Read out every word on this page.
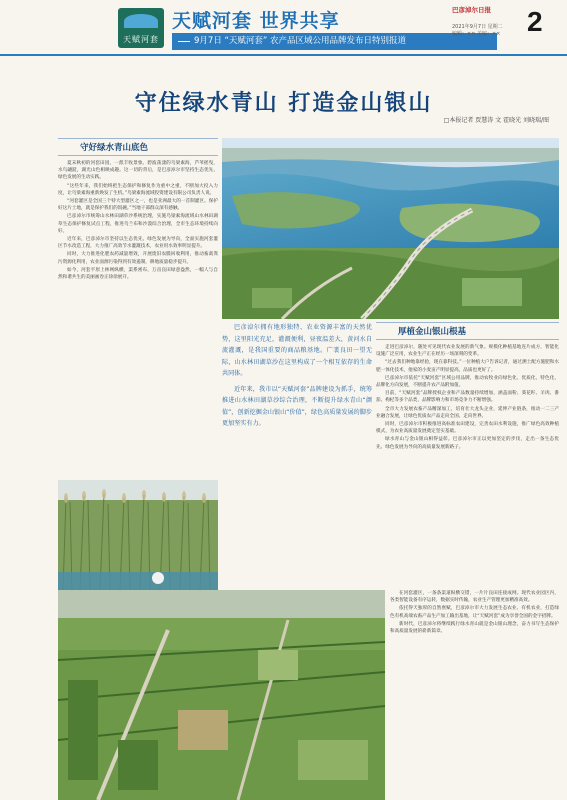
天赋河套
天赋河套 世界共享
9月7日 “天赋河套” 农产品区域公用品牌发布日特别报道
巴彦淖尔日报
2021年9月7日 星期二
编辑：×× 美编：×× 2
守住绿水青山 打造金山银山
□本报记者 贾慧涛 文 霍晓光 刘晓瑞/图
守好绿水青山底色

夏末秋初的河套田园，一派丰收景象。碧波荡漾的乌梁素海，芦苇摇曳，水鸟翩跹，湖光山色相映成趣。这一切的背后，是巴彦淖尔市坚持生态优先、绿色发展的生动实践。

“这些年来，我们始终把生态保护和修复作为重中之重，不断加大投入力度，让乌梁素海重新焕发了生机。”乌梁素海流域投资建设有限公司负责人说。

“河套灌区是全国三个特大型灌区之一，也是亚洲最大的一首制灌区。保护好这片土地，就是保护我们的饭碗。”当地干部群众深有感触。

巴彦淖尔市统筹山水林田湖草沙系统治理，实施乌梁素海流域山水林田湖草生态保护修复试点工程，推进乌兰布和沙漠综合治理，全市生态环境持续向好。

近年来，巴彦淖尔市坚持以生态优先、绿色发展为导向，全面实施河套灌区节水改造工程，大力推广高效节水灌溉技术，农业用水效率明显提升。

同时，大力推进化肥农药减量增效，开展废旧农膜回收利用，推动畜禽粪污资源化利用，农业面源污染得到有效遏制，耕地质量稳步提升。

如今，河套平原上林网纵横，渠系密布，万亩良田绿意盎然，一幅人与自然和谐共生的美丽画卷正徐徐展开。

巴彦淖尔拥有地形独特、农业资源丰富的天然优势，这里阳光充足，灌溉便利，昼夜温差大，黄河水自流灌溉，是我国重要的商品粮基地。广袤良田一望无际，山水林田湖草沙在这里构成了一个相互依存的生命共同体。

近年来，我市以“天赋河套”品牌建设为抓手，统筹推进山水林田湖草沙综合治理，不断提升绿水青山“颜值”，创新挖掘金山银山“价值”，绿色高质量发展的脚步更加坚实有力。

厚植金山银山根基

走进巴彦淖尔，随处可见现代农业发展的新气象。规模化种植基地连片成方，智能化设施广泛应用，农业生产正在经历一场深刻的变革。

“过去我们种地靠经验，现在靠科技。”一位种植大户告诉记者，通过测土配方施肥和水肥一体化技术，他家的小麦亩产明显提高，品质也更好了。

巴彦淖尔市依托“天赋河套”区域公用品牌，推动农牧业向绿色化、优质化、特色化、品牌化方向发展，不断提升农产品附加值。

目前，“天赋河套”品牌授权企业和产品数量持续增加，涵盖面粉、葵花籽、羊肉、番茄、枸杞等多个品类，品牌影响力和市场竞争力不断增强。

全市大力发展农畜产品精深加工，培育壮大龙头企业，延伸产业链条，推动一二三产业融合发展，让绿色优质农产品走向全国、走向世界。

同时，巴彦淖尔市积极推进高标准农田建设，完善农田水利设施，推广绿色高效种植模式，为农业高质量发展奠定坚实基础。

绿水青山与金山银山相得益彰。巴彦淖尔市正以更加坚定的步伐，走出一条生态优先、绿色发展为导向的高质量发展新路子。

在河套灌区，一条条渠道纵横交错，一片片良田连接成网。现代农业园区内，各类智能设备有序运转，数据实时传输，农业生产管理更加精准高效。

依托得天独厚的自然禀赋，巴彦淖尔市大力发展生态农业、有机农业，打造绿色有机高端农畜产品生产加工输出基地，让“天赋河套”成为享誉全国的金字招牌。

新时代，巴彦淖尔将继续践行绿水青山就是金山银山理念，奋力书写生态保护和高质量发展的崭新篇章。
